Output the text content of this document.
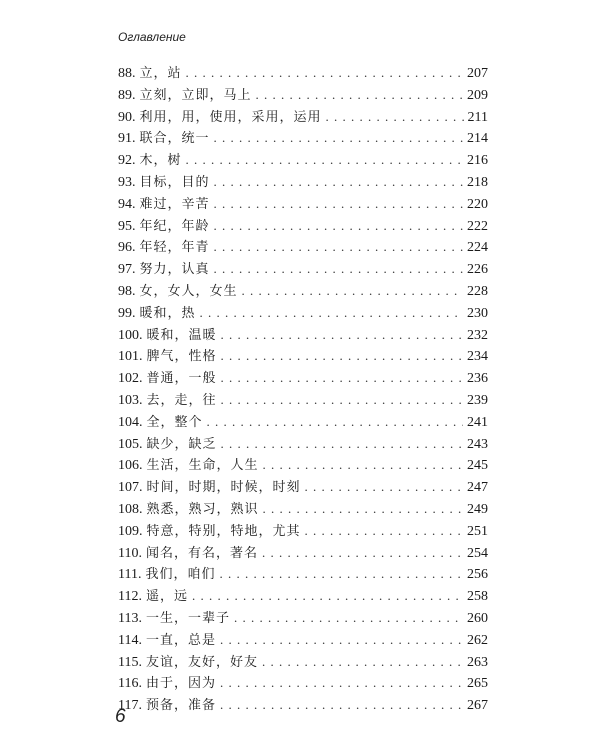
Оглавление
88. 立，站 . . .	207
89. 立刻，立即，马上 . . .	209
90. 利用，用，使用，采用，运用 . . .	211
91. 联合，统一 . . .	214
92. 木，树 . . .	216
93. 目标，目的 . . .	218
94. 难过，辛苦 . . .	220
95. 年纪，年龄 . . .	222
96. 年轻，年青 . . .	224
97. 努力，认真 . . .	226
98. 女，女人，女生 . . .	228
99. 暖和，热 . . .	230
100. 暖和，温暖 . . .	232
101. 脾气，性格 . . .	234
102. 普通，一般 . . .	236
103. 去，走，往 . . .	239
104. 全，整个 . . .	241
105. 缺少，缺乏 . . .	243
106. 生活，生命，人生 . . .	245
107. 时间，时期，时候，时刻 . . .	247
108. 熟悉，熟习，熟识 . . .	249
109. 特意，特别，特地，尤其 . . .	251
110. 闻名，有名，著名 . . .	254
111. 我们，咱们 . . .	256
112. 遥，远 . . .	258
113. 一生，一辈子 . . .	260
114. 一直，总是 . . .	262
115. 友谊，友好，好友 . . .	263
116. 由于，因为 . . .	265
117. 预备，准备 . . .	267
6
